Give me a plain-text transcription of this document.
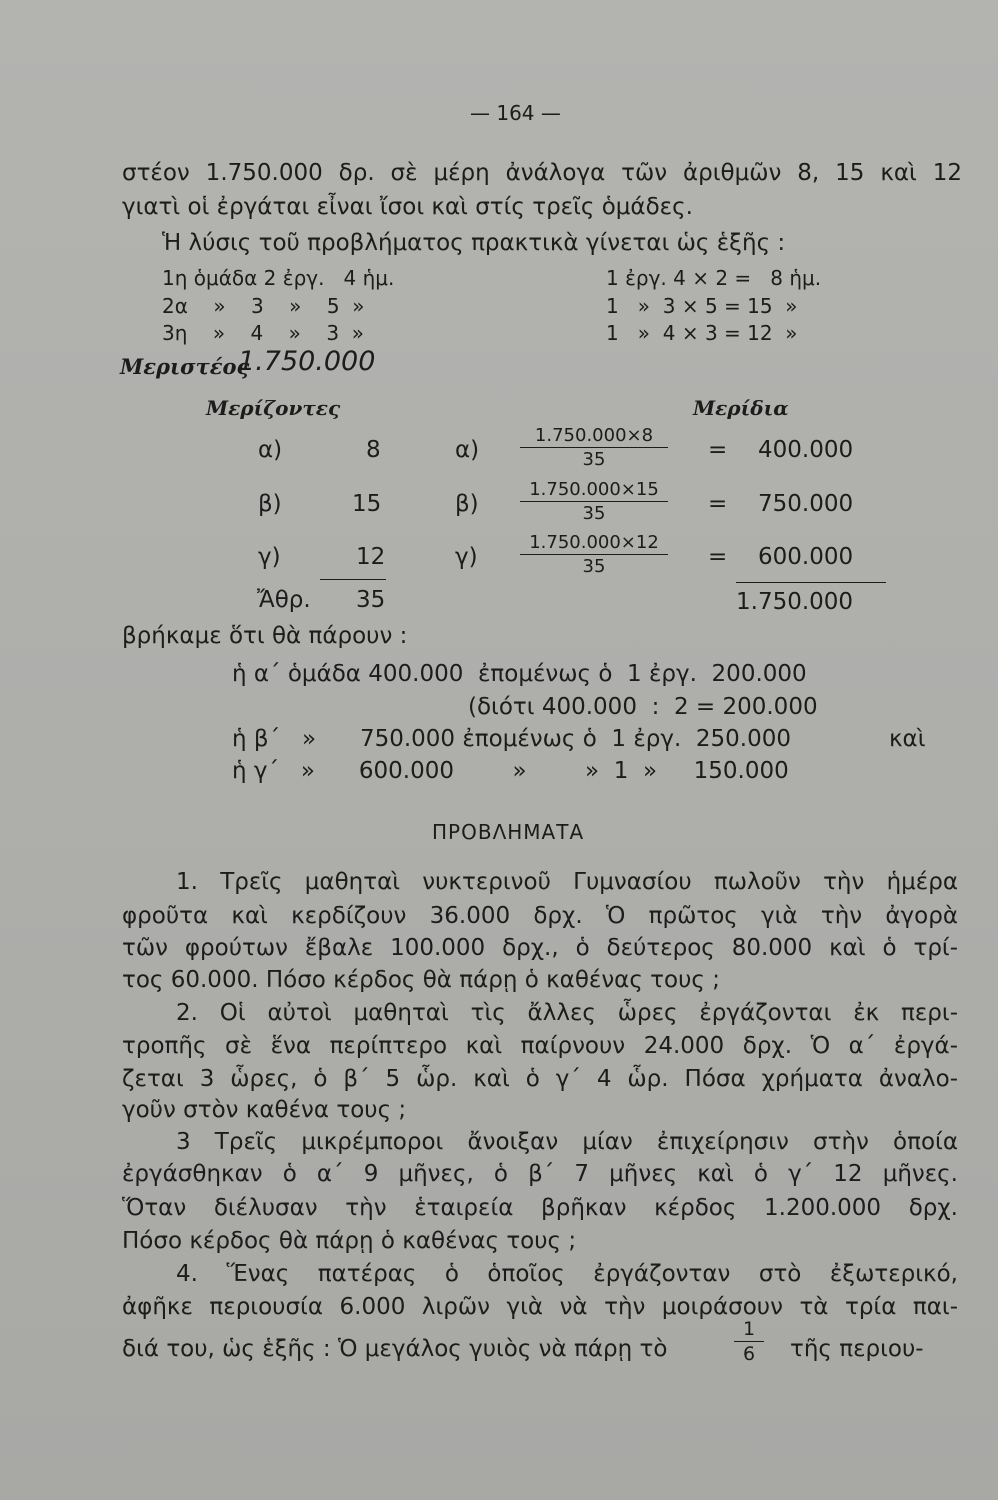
— 164 —
στέον 1.750.000 δρ. σὲ μέρη ἀνάλογα τῶν ἀριθμῶν 8, 15 καὶ 12
γιατὶ οἱ ἐργάται εἶναι ἴσοι καὶ στίς τρεῖς ὁμάδες.
Ἡ λύσις τοῦ προβλήματος πρακτικὰ γίνεται ὡς ἑξῆς :
1η ὁμάδα 2 ἐργ.   4 ἡμ.	1 ἐργ. 4 × 2 =   8 ἡμ.
2α    »    3    »    5  »	1   »  3 × 5 = 15  »
3η    »    4    »    3  »	1   »  4 × 3 = 12  »
Μεριστέος
1.750.000
Μερίζοντες	Μερίδια
α)	8	$\alpha) \frac{1.750.000\times 8}{35} = 400.000$
β)	15	$\beta) \frac{1.750.000\times 15}{35} = 750.000$
γ)	12	$\gamma) \frac{1.750.000\times 12}{35} = 600.000$
Ἄθρ. 35	1.750.000
βρήκαμε ὅτι θὰ πάρουν :
ἡ α΄ ὁμάδα 400.000  ἐπομένως ὁ  1 ἐργ.  200.000
(διότι 400.000  :  2 = 200.000
ἡ β΄   »      750.000 ἐπομένως ὁ  1 ἐργ.  250.000	καὶ
ἡ γ΄   »      600.000        »        »  1  »     150.000
ΠΡΟΒΛΗΜΑΤΑ
1. Τρεῖς μαθηταὶ νυκτερινοῦ Γυμνασίου πωλοῦν τὴν ἡμέρα
φροῦτα καὶ κερδίζουν 36.000 δρχ. Ὁ πρῶτος γιὰ τὴν ἀγορὰ
τῶν φρούτων ἔβαλε 100.000 δρχ., ὁ δεύτερος 80.000 καὶ ὁ τρί-
τος 60.000. Πόσο κέρδος θὰ πάρῃ ὁ καθένας τους ;
2. Οἱ αὐτοὶ μαθηταὶ τὶς ἄλλες ὧρες ἐργάζονται ἐκ περι-
τροπῆς σὲ ἕνα περίπτερο καὶ παίρνουν 24.000 δρχ. Ὁ α΄ ἐργά-
ζεται 3 ὧρες, ὁ β΄ 5 ὧρ. καὶ ὁ γ΄ 4 ὧρ. Πόσα χρήματα ἀναλο-
γοῦν στὸν καθένα τους ;
3 Τρεῖς μικρέμποροι ἄνοιξαν μίαν ἐπιχείρησιν στὴν ὁποία
ἐργάσθηκαν ὁ α΄ 9 μῆνες, ὁ β΄ 7 μῆνες καὶ ὁ γ΄ 12 μῆνες.
Ὅταν διέλυσαν τὴν ἑταιρεία βρῆκαν κέρδος 1.200.000 δρχ.
Πόσο κέρδος θὰ πάρῃ ὁ καθένας τους ;
4. Ἕνας πατέρας ὁ ὁποῖος ἐργάζονταν στὸ ἐξωτερικό,
ἀφῆκε περιουσία 6.000 λιρῶν γιὰ νὰ τὴν μοιράσουν τὰ τρία παι-
διά του, ὡς ἑξῆς : Ὁ μεγάλος γυιὸς νὰ πάρῃ τὸ	$\frac{1}{6}$ τῆς περιου-
